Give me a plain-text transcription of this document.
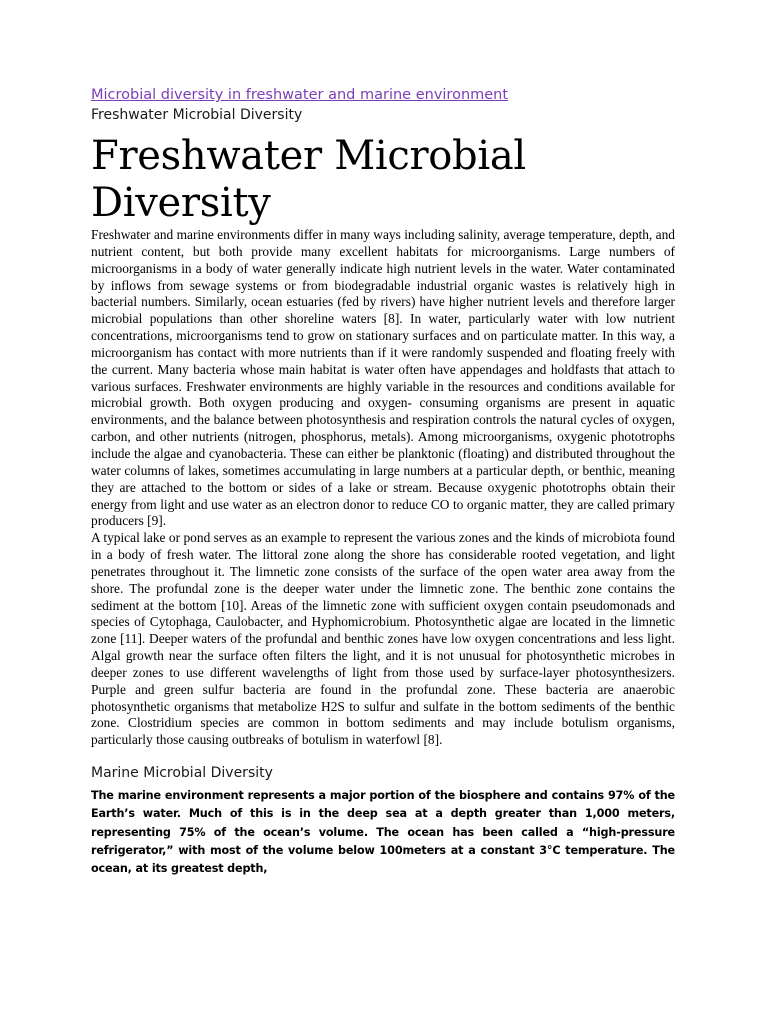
Microbial diversity in freshwater and marine environment
Freshwater Microbial Diversity
Freshwater Microbial Diversity

Freshwater and marine environments differ in many ways including salinity, average temperature, depth, and nutrient content, but both provide many excellent habitats for microorganisms. Large numbers of microorganisms in a body of water generally indicate high nutrient levels in the water. Water contaminated by inflows from sewage systems or from biodegradable industrial organic wastes is relatively high in bacterial numbers. Similarly, ocean estuaries (fed by rivers) have higher nutrient levels and therefore larger microbial populations than other shoreline waters [8]. In water, particularly water with low nutrient concentrations, microorganisms tend to grow on stationary surfaces and on particulate matter. In this way, a microorganism has contact with more nutrients than if it were randomly suspended and floating freely with the current. Many bacteria whose main habitat is water often have appendages and holdfasts that attach to various surfaces. Freshwater environments are highly variable in the resources and conditions available for microbial growth. Both oxygen producing and oxygen- consuming organisms are present in aquatic environments, and the balance between photosynthesis and respiration controls the natural cycles of oxygen, carbon, and other nutrients (nitrogen, phosphorus, metals). Among microorganisms, oxygenic phototrophs include the algae and cyanobacteria. These can either be planktonic (floating) and distributed throughout the water columns of lakes, sometimes accumulating in large numbers at a particular depth, or benthic, meaning they are attached to the bottom or sides of a lake or stream. Because oxygenic phototrophs obtain their energy from light and use water as an electron donor to reduce CO to organic matter, they are called primary producers [9].

A typical lake or pond serves as an example to represent the various zones and the kinds of microbiota found in a body of fresh water. The littoral zone along the shore has considerable rooted vegetation, and light penetrates throughout it. The limnetic zone consists of the surface of the open water area away from the shore. The profundal zone is the deeper water under the limnetic zone. The benthic zone contains the sediment at the bottom [10]. Areas of the limnetic zone with sufficient oxygen contain pseudomonads and species of Cytophaga, Caulobacter, and Hyphomicrobium. Photosynthetic algae are located in the limnetic zone [11]. Deeper waters of the profundal and benthic zones have low oxygen concentrations and less light. Algal growth near the surface often filters the light, and it is not unusual for photosynthetic microbes in deeper zones to use different wavelengths of light from those used by surface-layer photosynthesizers. Purple and green sulfur bacteria are found in the profundal zone. These bacteria are anaerobic photosynthetic organisms that metabolize H2S to sulfur and sulfate in the bottom sediments of the benthic zone. Clostridium species are common in bottom sediments and may include botulism organisms, particularly those causing outbreaks of botulism in waterfowl [8].

Marine Microbial Diversity

The marine environment represents a major portion of the biosphere and contains 97% of the Earth’s water. Much of this is in the deep sea at a depth greater than 1,000 meters, representing 75% of the ocean’s volume. The ocean has been called a “high-pressure refrigerator,” with most of the volume below 100meters at a constant 3°C temperature. The ocean, at its greatest depth,
